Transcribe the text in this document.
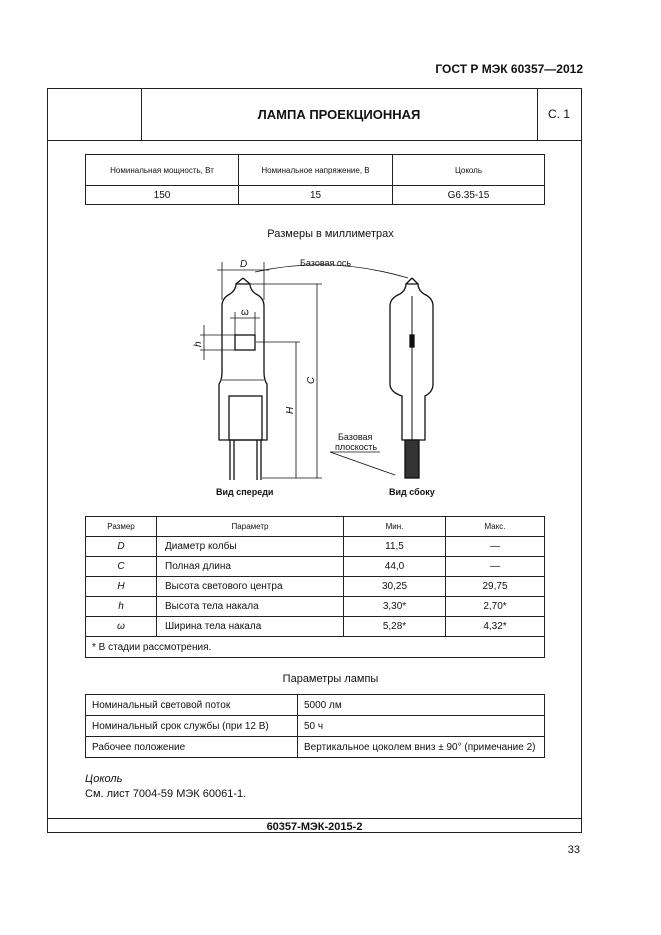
ГОСТ Р МЭК 60357—2012
ЛАМПА ПРОЕКЦИОННАЯ	С. 1
Номинальная мощность, Вт	Номинальное напряжение, В	Цоколь
150	15	G6.35-15
Размеры в миллиметрах
D
C
H
h
ω
Базовая ось
Базовая
плоскость
Вид спереди	Вид сбоку
Размер	Параметр	Мин.	Макс.
D	Диаметр колбы	11,5	—
C	Полная длина	44,0	—
H	Высота светового центра	30,25	29,75
h	Высота тела накала	3,30*	2,70*
ω	Ширина тела накала	5,28*	4,32*
* В стадии рассмотрения.			
Параметры лампы
Номинальный световой поток	5000 лм
Номинальный срок службы (при 12 В)	50 ч
Рабочее положение	Вертикальное цоколем вниз ± 90° (примечание 2)
Цоколь
См. лист 7004-59 МЭК 60061-1.
60357-МЭК-2015-2
33
